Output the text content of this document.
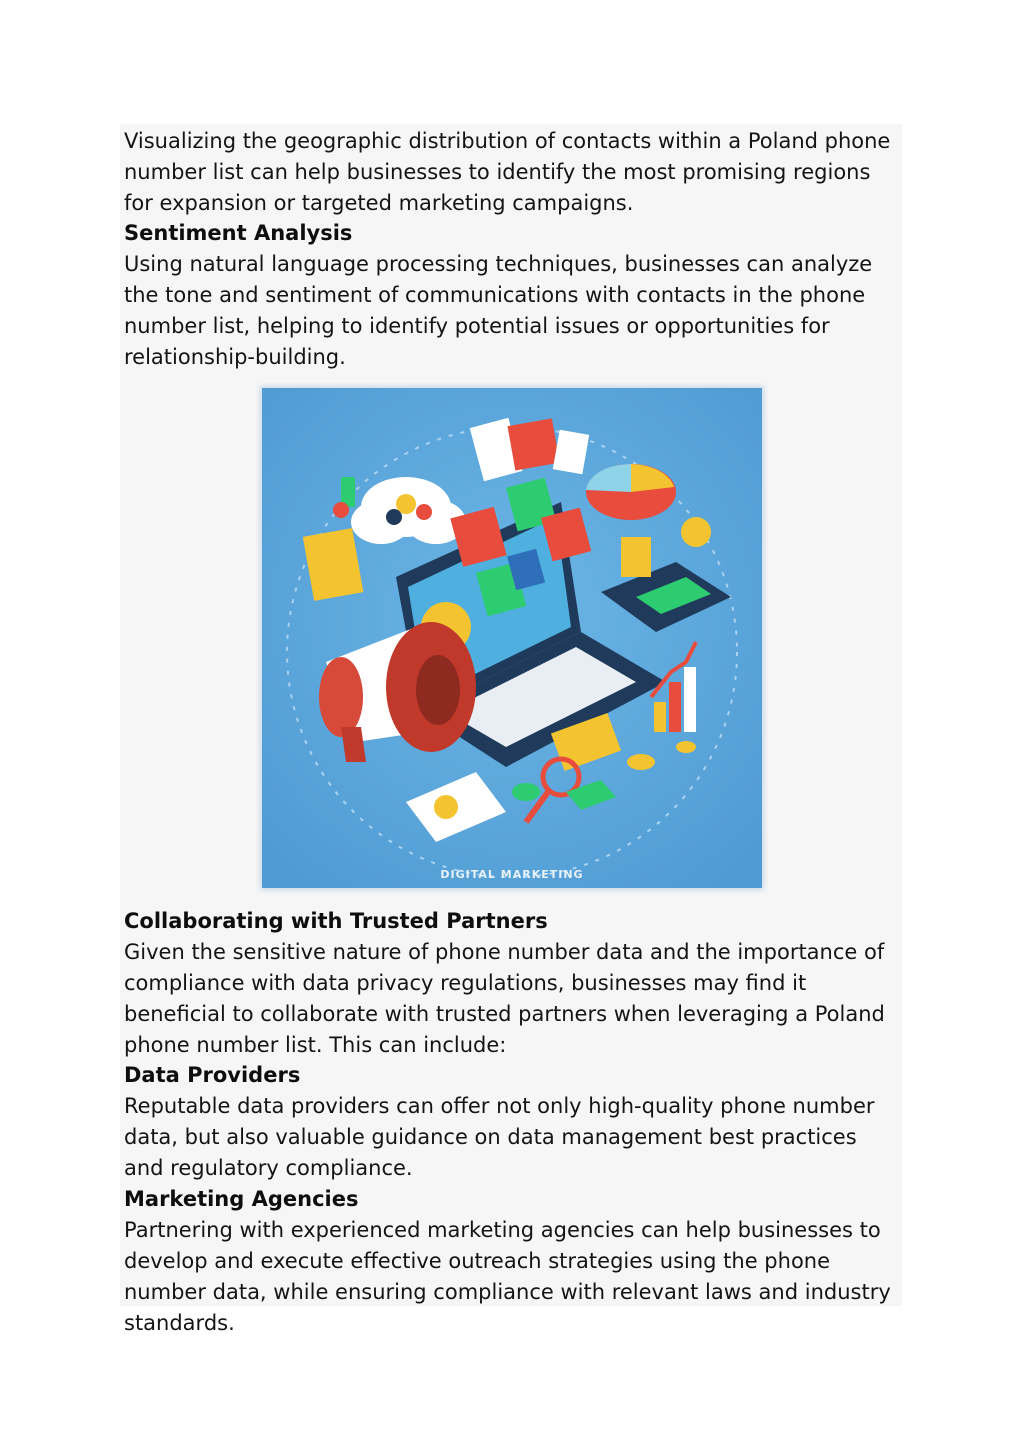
Visualizing the geographic distribution of contacts within a Poland phone number list can help businesses to identify the most promising regions for expansion or targeted marketing campaigns.

Sentiment Analysis

Using natural language processing techniques, businesses can analyze the tone and sentiment of communications with contacts in the phone number list, helping to identify potential issues or opportunities for relationship-building.

DIGITAL MARKETING

Collaborating with Trusted Partners

Given the sensitive nature of phone number data and the importance of compliance with data privacy regulations, businesses may find it beneficial to collaborate with trusted partners when leveraging a Poland phone number list. This can include:

Data Providers

Reputable data providers can offer not only high-quality phone number data, but also valuable guidance on data management best practices and regulatory compliance.

Marketing Agencies

Partnering with experienced marketing agencies can help businesses to develop and execute effective outreach strategies using the phone number data, while ensuring compliance with relevant laws and industry standards.
